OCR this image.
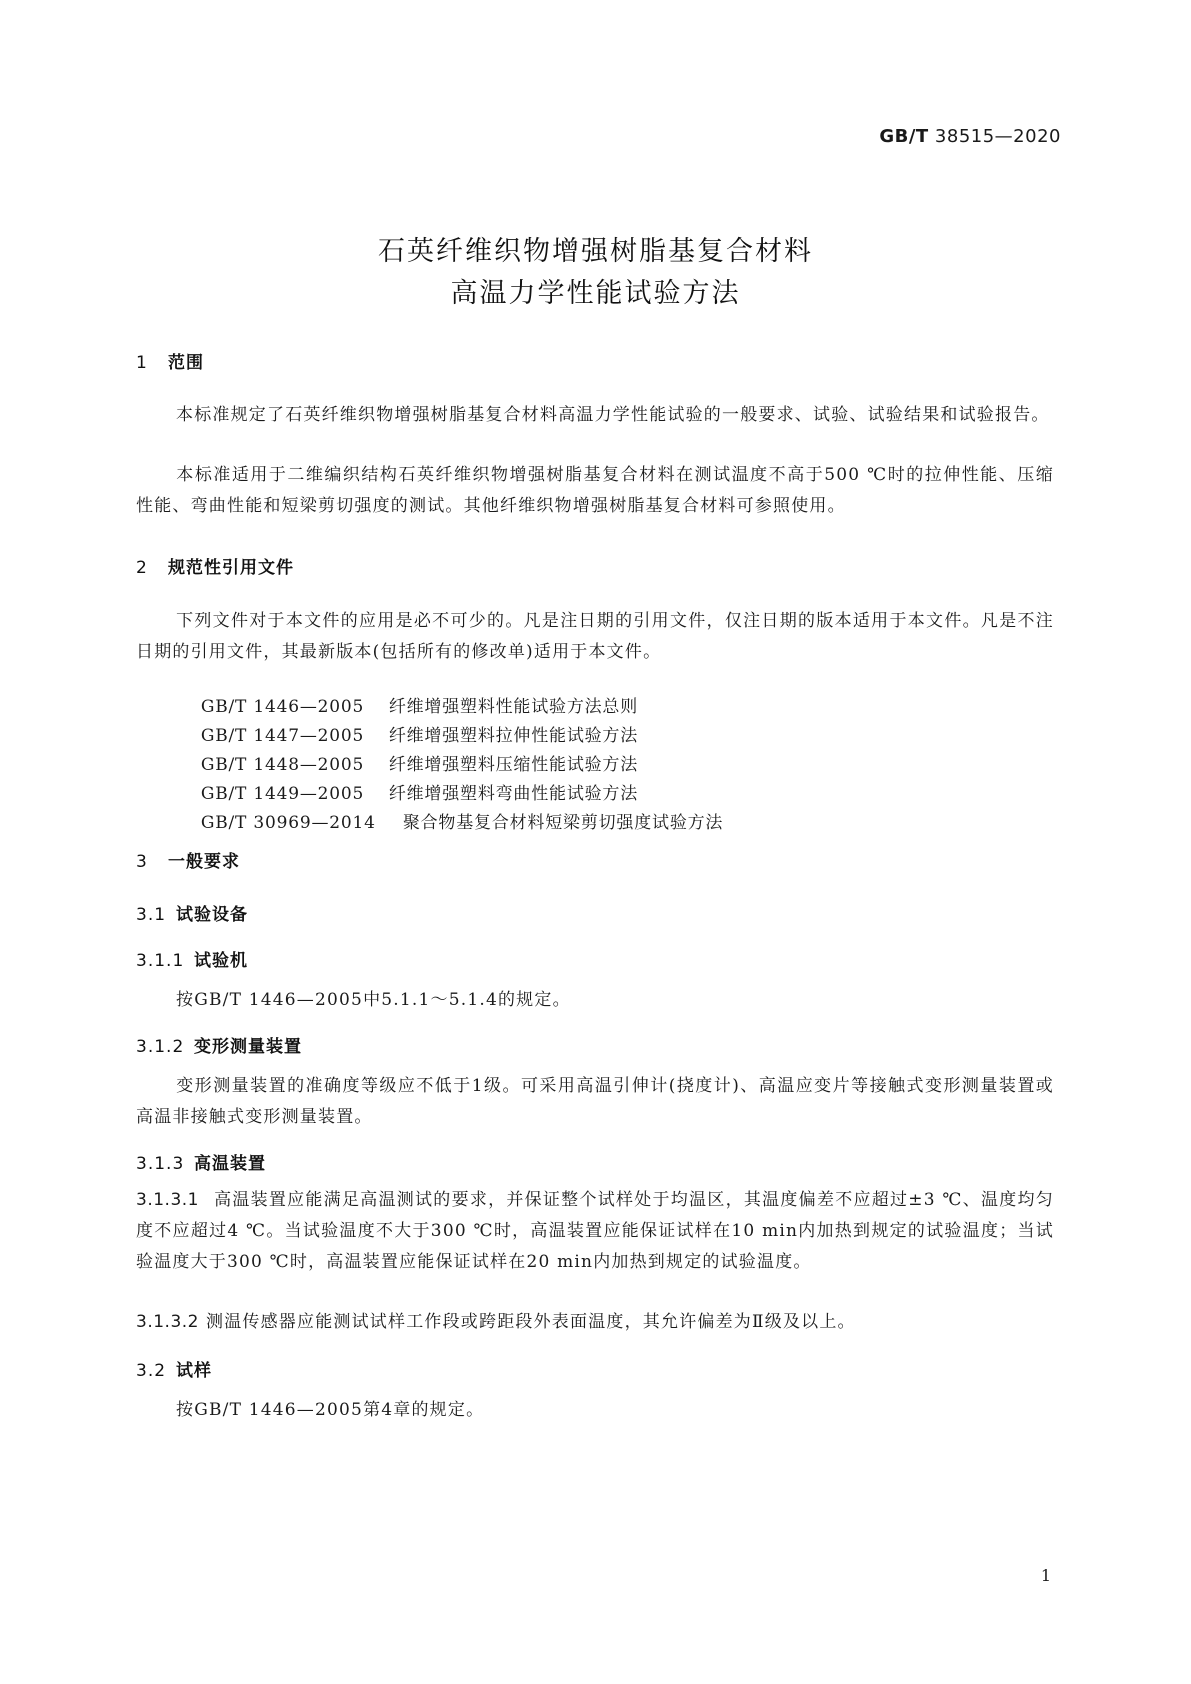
GB/T 38515—2020
石英纤维织物增强树脂基复合材料
高温力学性能试验方法
1 范围
本标准规定了石英纤维织物增强树脂基复合材料高温力学性能试验的一般要求、试验、试验结果和试验报告。
本标准适用于二维编织结构石英纤维织物增强树脂基复合材料在测试温度不高于500 ℃时的拉伸性能、压缩性能、弯曲性能和短梁剪切强度的测试。其他纤维织物增强树脂基复合材料可参照使用。
2 规范性引用文件
下列文件对于本文件的应用是必不可少的。凡是注日期的引用文件，仅注日期的版本适用于本文件。凡是不注日期的引用文件，其最新版本(包括所有的修改单)适用于本文件。

GB/T 1446—2005 纤维增强塑料性能试验方法总则

GB/T 1447—2005 纤维增强塑料拉伸性能试验方法

GB/T 1448—2005 纤维增强塑料压缩性能试验方法

GB/T 1449—2005 纤维增强塑料弯曲性能试验方法

GB/T 30969—2014 聚合物基复合材料短梁剪切强度试验方法

3 一般要求
3.1 试验设备
3.1.1 试验机
按GB/T 1446—2005中5.1.1～5.1.4的规定。
3.1.2 变形测量装置
变形测量装置的准确度等级应不低于1级。可采用高温引伸计(挠度计)、高温应变片等接触式变形测量装置或高温非接触式变形测量装置。
3.1.3 高温装置
3.1.3.1 高温装置应能满足高温测试的要求，并保证整个试样处于均温区，其温度偏差不应超过±3 ℃、温度均匀度不应超过4 ℃。当试验温度不大于300 ℃时，高温装置应能保证试样在10 min内加热到规定的试验温度；当试验温度大于300 ℃时，高温装置应能保证试样在20 min内加热到规定的试验温度。
3.1.3.2 测温传感器应能测试试样工作段或跨距段外表面温度，其允许偏差为Ⅱ级及以上。
3.2 试样
按GB/T 1446—2005第4章的规定。
1
